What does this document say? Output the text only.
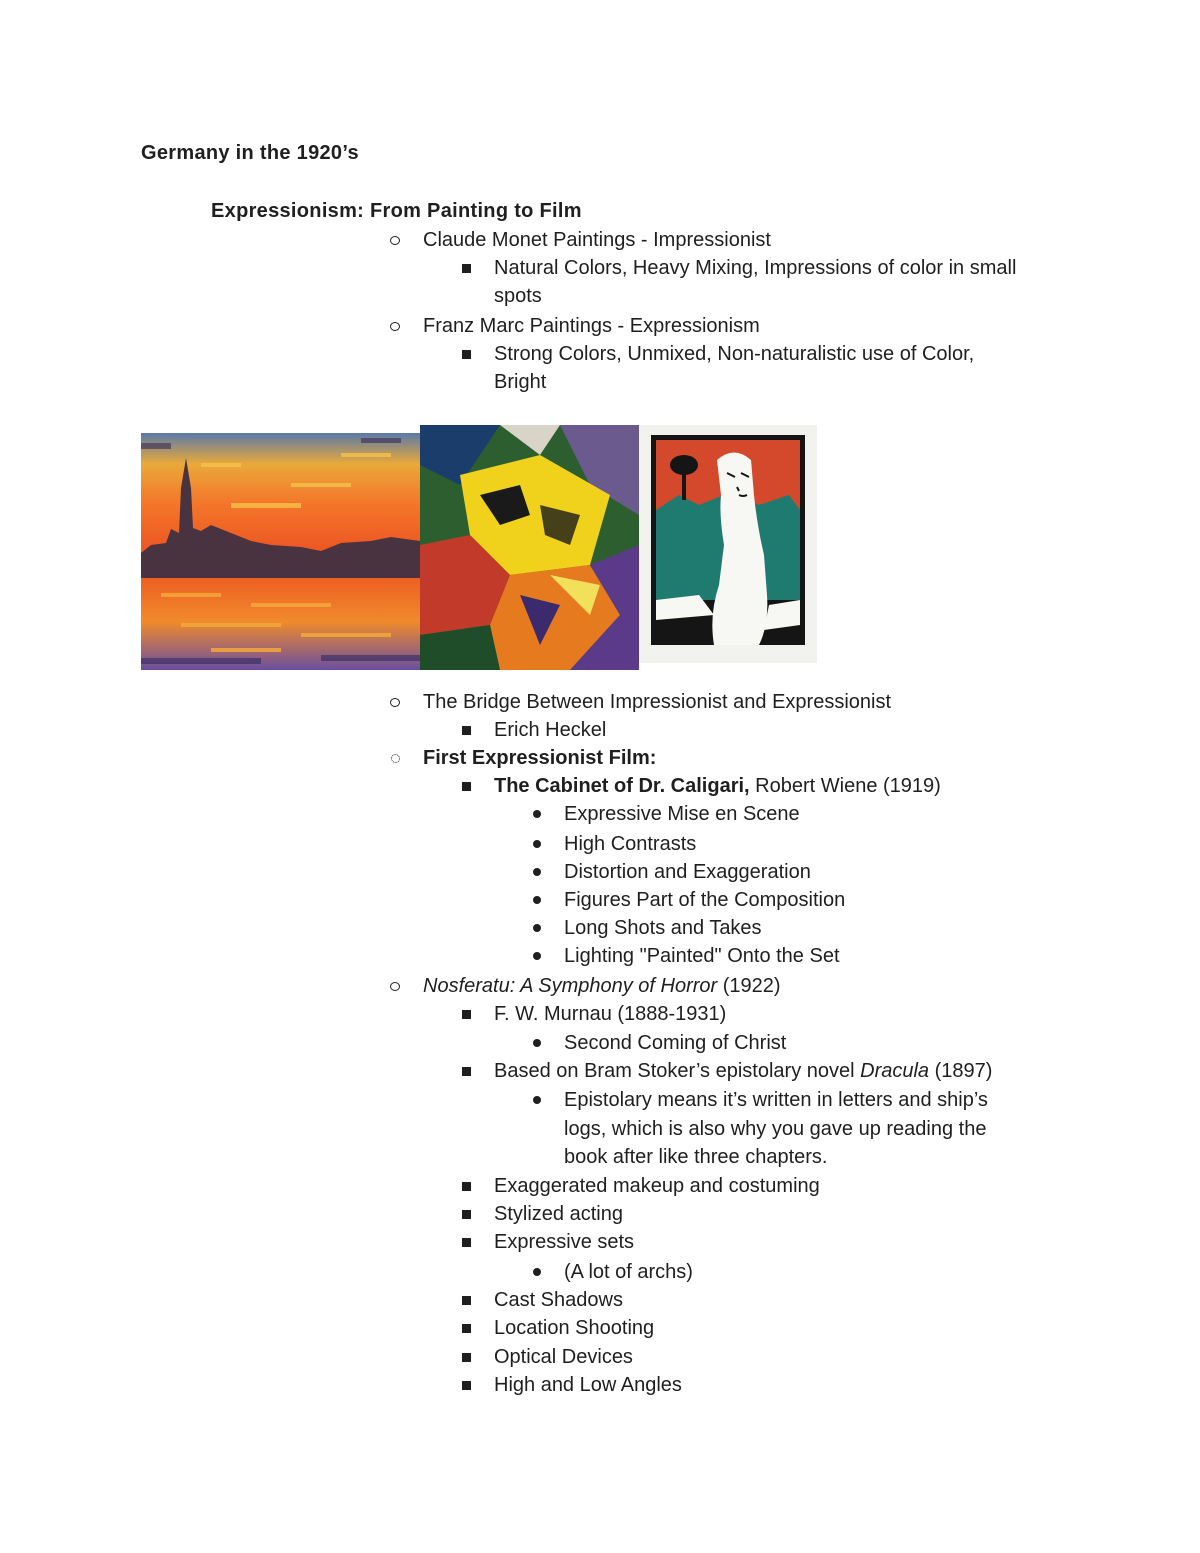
Germany in the 1920’s
Expressionism: From Painting to Film
Claude Monet Paintings - Impressionist
Natural Colors, Heavy Mixing, Impressions of color in small
spots
Franz Marc Paintings - Expressionism
Strong Colors, Unmixed, Non-naturalistic use of Color,
Bright
The Bridge Between Impressionist and Expressionist
Erich Heckel
First Expressionist Film:
The Cabinet of Dr. Caligari, Robert Wiene (1919)
Expressive Mise en Scene
High Contrasts
Distortion and Exaggeration
Figures Part of the Composition
Long Shots and Takes
Lighting "Painted" Onto the Set
Nosferatu: A Symphony of Horror (1922)
F. W. Murnau (1888-1931)
Second Coming of Christ
Based on Bram Stoker’s epistolary novel Dracula (1897)
Epistolary means it’s written in letters and ship’s
logs, which is also why you gave up reading the
book after like three chapters.
Exaggerated makeup and costuming
Stylized acting
Expressive sets
(A lot of archs)
Cast Shadows
Location Shooting
Optical Devices
High and Low Angles
